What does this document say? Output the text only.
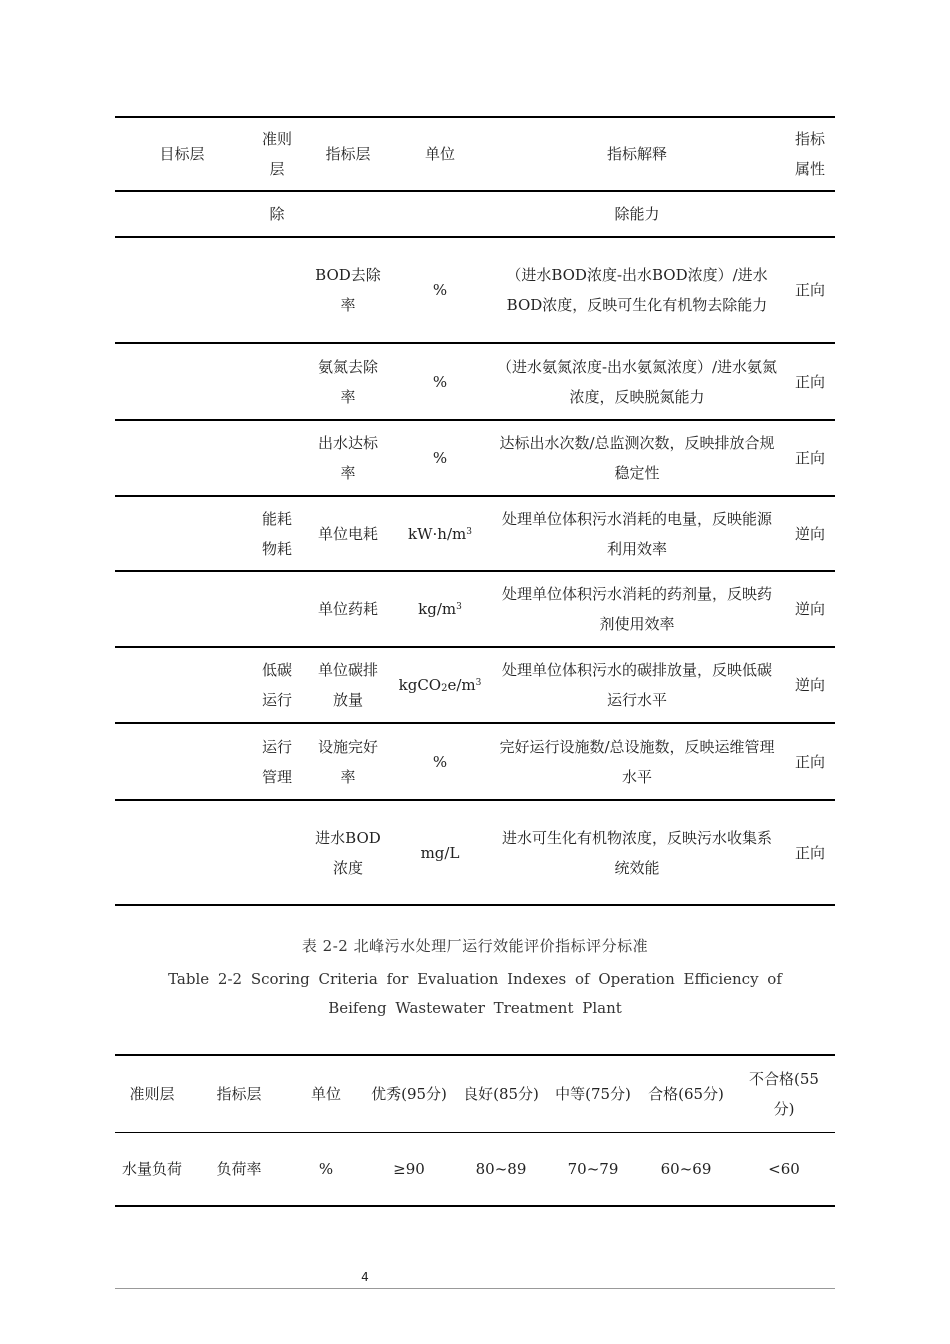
目标层	准则层	指标层	单位	指标解释	指标属性
	除			除能力	
		BOD去除率	%	（进水BOD浓度-出水BOD浓度）/进水BOD浓度，反映可生化有机物去除能力	正向
		氨氮去除率	%	（进水氨氮浓度-出水氨氮浓度）/进水氨氮浓度，反映脱氮能力	正向
		出水达标率	%	达标出水次数/总监测次数，反映排放合规稳定性	正向
	能耗物耗	单位电耗	$kW\cdot h/m^3$	处理单位体积污水消耗的电量，反映能源利用效率	逆向
		单位药耗	$kg/m^3$	处理单位体积污水消耗的药剂量，反映药剂使用效率	逆向
	低碳运行	单位碳排放量	$kgCO_2e/m^3$	处理单位体积污水的碳排放量，反映低碳运行水平	逆向
	运行管理	设施完好率	%	完好运行设施数/总设施数，反映运维管理水平	正向
		进水BOD浓度	mg/L	进水可生化有机物浓度，反映污水收集系统效能	正向
表 2-2 北峰污水处理厂运行效能评价指标评分标准
Table 2-2 Scoring Criteria for Evaluation Indexes of Operation Efficiency of Beifeng Wastewater Treatment Plant
准则层	指标层	单位	优秀(95分)	良好(85分)	中等(75分)	合格(65分)	不合格(55分)
水量负荷	负荷率	%	≥90	80~89	70~79	60~69	<60
4
